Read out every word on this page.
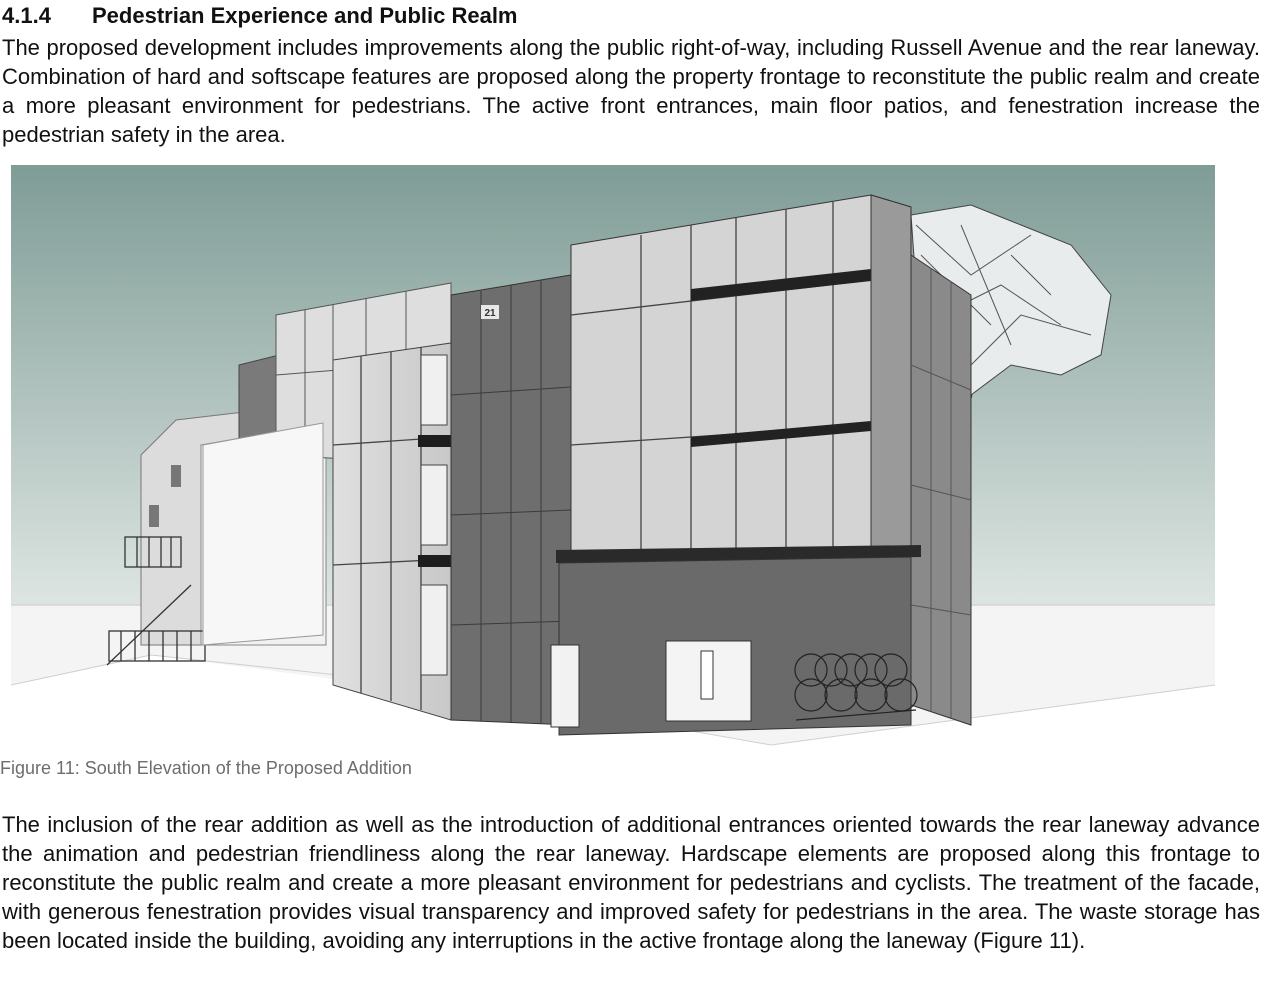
4.1.4 Pedestrian Experience and Public Realm

The proposed development includes improvements along the public right-of-way, including Russell Avenue and the rear laneway. Combination of hard and softscape features are proposed along the property frontage to reconstitute the public realm and create a more pleasant environment for pedestrians. The active front entrances, main floor patios, and fenestration increase the pedestrian safety in the area.

21
Figure 11: South Elevation of the Proposed Addition

The inclusion of the rear addition as well as the introduction of additional entrances oriented towards the rear laneway advance the animation and pedestrian friendliness along the rear laneway. Hardscape elements are proposed along this frontage to reconstitute the public realm and create a more pleasant environment for pedestrians and cyclists. The treatment of the facade, with generous fenestration provides visual transparency and improved safety for pedestrians in the area. The waste storage has been located inside the building, avoiding any interruptions in the active frontage along the laneway (Figure 11).
